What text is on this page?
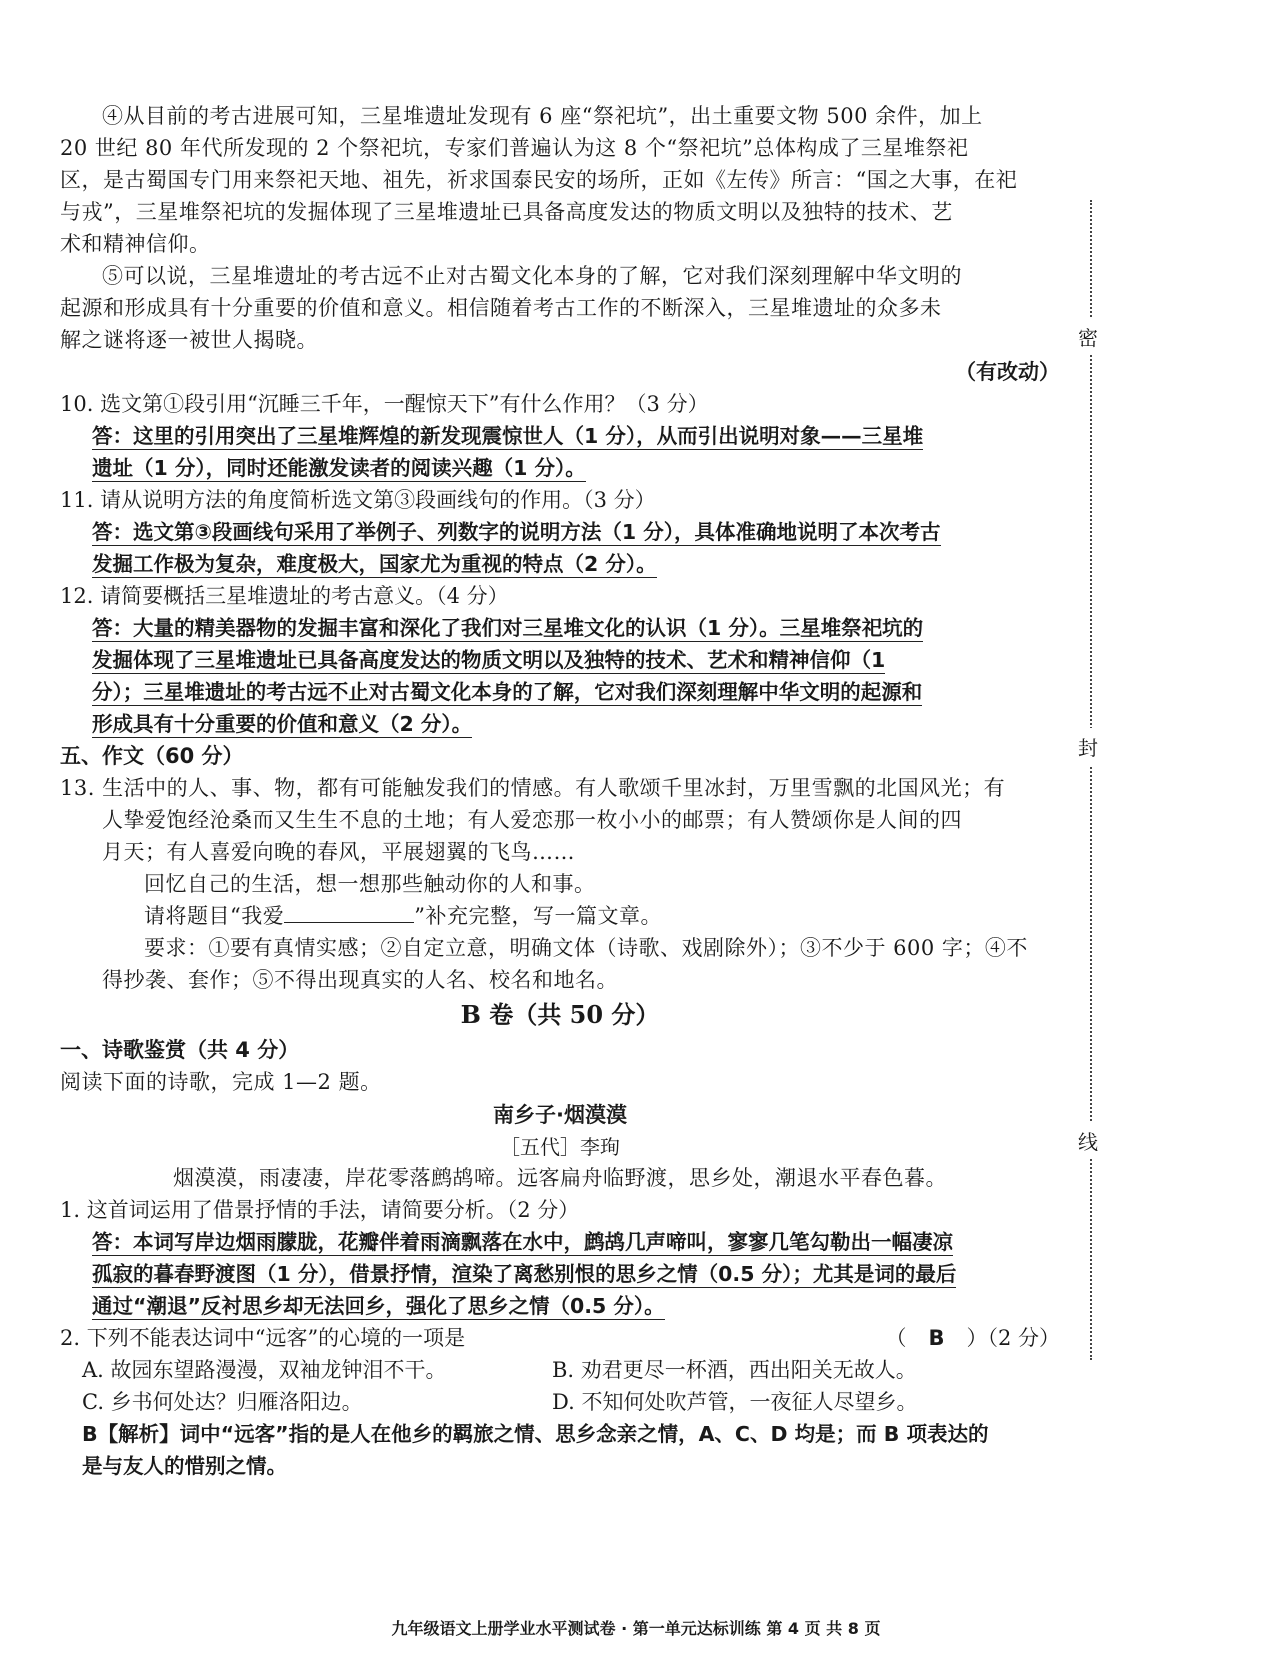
密
封
线
④从目前的考古进展可知，三星堆遗址发现有 6 座“祭祀坑”，出土重要文物 500 余件，加上
20 世纪 80 年代所发现的 2 个祭祀坑，专家们普遍认为这 8 个“祭祀坑”总体构成了三星堆祭祀
区，是古蜀国专门用来祭祀天地、祖先，祈求国泰民安的场所，正如《左传》所言：“国之大事，在祀
与戎”，三星堆祭祀坑的发掘体现了三星堆遗址已具备高度发达的物质文明以及独特的技术、艺
术和精神信仰。
⑤可以说，三星堆遗址的考古远不止对古蜀文化本身的了解，它对我们深刻理解中华文明的
起源和形成具有十分重要的价值和意义。相信随着考古工作的不断深入，三星堆遗址的众多未
解之谜将逐一被世人揭晓。
（有改动）
10. 选文第①段引用“沉睡三千年，一醒惊天下”有什么作用？（3 分）
答：这里的引用突出了三星堆辉煌的新发现震惊世人（1 分），从而引出说明对象——三星堆
遗址（1 分），同时还能激发读者的阅读兴趣（1 分）。
11. 请从说明方法的角度简析选文第③段画线句的作用。（3 分）
答：选文第③段画线句采用了举例子、列数字的说明方法（1 分），具体准确地说明了本次考古
发掘工作极为复杂，难度极大，国家尤为重视的特点（2 分）。
12. 请简要概括三星堆遗址的考古意义。（4 分）
答：大量的精美器物的发掘丰富和深化了我们对三星堆文化的认识（1 分）。三星堆祭祀坑的
发掘体现了三星堆遗址已具备高度发达的物质文明以及独特的技术、艺术和精神信仰（1
分）；三星堆遗址的考古远不止对古蜀文化本身的了解，它对我们深刻理解中华文明的起源和
形成具有十分重要的价值和意义（2 分）。
五、作文（60 分）
13. 生活中的人、事、物，都有可能触发我们的情感。有人歌颂千里冰封，万里雪飘的北国风光；有
人挚爱饱经沧桑而又生生不息的土地；有人爱恋那一枚小小的邮票；有人赞颂你是人间的四
月天；有人喜爱向晚的春风，平展翅翼的飞鸟……
回忆自己的生活，想一想那些触动你的人和事。
请将题目“我爱	”补充完整，写一篇文章。
要求：①要有真情实感；②自定立意，明确文体（诗歌、戏剧除外）；③不少于 600 字；④不
得抄袭、套作；⑤不得出现真实的人名、校名和地名。
B 卷（共 50 分）
一、诗歌鉴赏（共 4 分）
阅读下面的诗歌，完成 1—2 题。
南乡子·烟漠漠
［五代］李珣
烟漠漠，雨凄凄，岸花零落鹧鸪啼。远客扁舟临野渡，思乡处，潮退水平春色暮。
1. 这首词运用了借景抒情的手法，请简要分析。（2 分）
答：本词写岸边烟雨朦胧，花瓣伴着雨滴飘落在水中，鹧鸪几声啼叫，寥寥几笔勾勒出一幅凄凉
孤寂的暮春野渡图（1 分），借景抒情，渲染了离愁别恨的思乡之情（0.5 分）；尤其是词的最后
通过“潮退”反衬思乡却无法回乡，强化了思乡之情（0.5 分）。
2. 下列不能表达词中“远客”的心境的一项是	（ B ）（2 分）
A. 故园东望路漫漫，双袖龙钟泪不干。	B. 劝君更尽一杯酒，西出阳关无故人。
C. 乡书何处达？归雁洛阳边。	D. 不知何处吹芦管，一夜征人尽望乡。
B【解析】词中“远客”指的是人在他乡的羁旅之情、思乡念亲之情，A、C、D 均是；而 B 项表达的
是与友人的惜别之情。
九年级语文上册学业水平测试卷 · 第一单元达标训练 第 4 页 共 8 页
